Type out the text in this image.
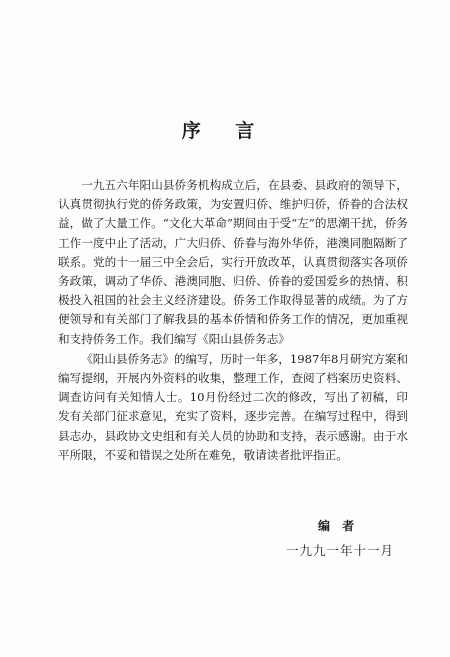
序 言

一九五六年阳山县侨务机构成立后，在县委、县政府的领导下，认真贯彻执行党的侨务政策，为安置归侨、维护归侨，侨眷的合法权益，做了大量工作。“文化大革命”期间由于受“左”的思潮干扰，侨务工作一度中止了活动，广大归侨、侨眷与海外华侨，港澳同胞隔断了联系。党的十一届三中全会后，实行开放改革，认真贯彻落实各项侨务政策，调动了华侨、港澳同胞、归侨、侨眷的爱国爱乡的热情、积极投入祖国的社会主义经济建设。侨务工作取得显著的成绩。为了方便领导和有关部门了解我县的基本侨情和侨务工作的情况，更加重视和支持侨务工作。我们编写《阳山县侨务志》

《阳山县侨务志》的编写，历时一年多，1987年8月研究方案和编写提纲，开展内外资料的收集，整理工作，查阅了档案历史资料、调查访问有关知情人士。10月份经过二次的修改，写出了初稿，印发有关部门征求意见，充实了资料，逐步完善。在编写过程中，得到县志办，县政协文史组和有关人员的协助和支持，表示感谢。由于水平所限，不妥和错误之处所在难免，敬请读者批评指正。

编 者
一九九一年十一月
